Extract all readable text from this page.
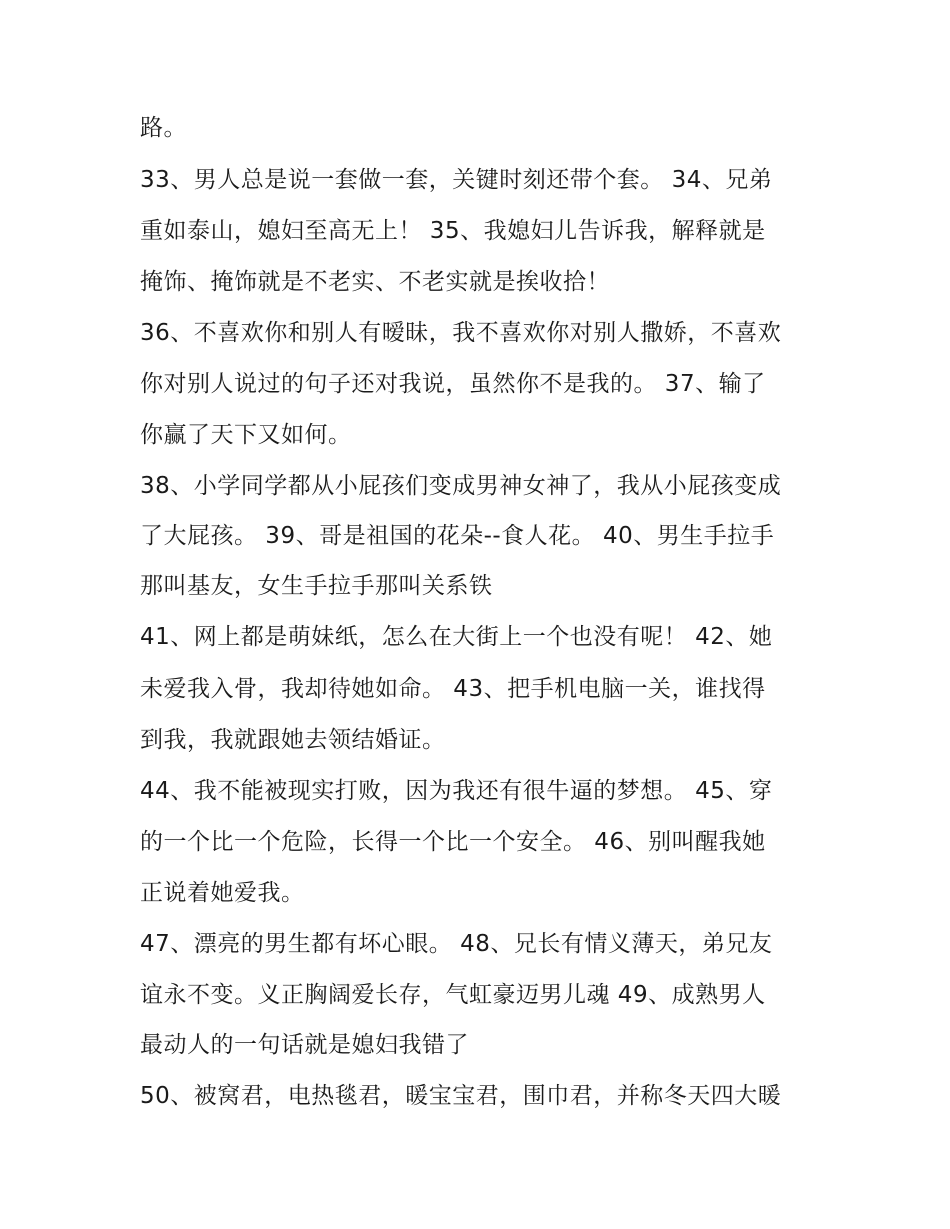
路。
33、男人总是说一套做一套，关键时刻还带个套。 34、兄弟
重如泰山，媳妇至高无上！ 35、我媳妇儿告诉我，解释就是
掩饰、掩饰就是不老实、不老实就是挨收拾！
36、不喜欢你和别人有暧昧，我不喜欢你对别人撒娇，不喜欢
你对别人说过的句子还对我说，虽然你不是我的。 37、输了
你赢了天下又如何。
38、小学同学都从小屁孩们变成男神女神了，我从小屁孩变成
了大屁孩。 39、哥是祖国的花朵--食人花。 40、男生手拉手
那叫基友，女生手拉手那叫关系铁
41、网上都是萌妹纸，怎么在大街上一个也没有呢！ 42、她
未爱我入骨，我却待她如命。 43、把手机电脑一关，谁找得
到我，我就跟她去领结婚证。
44、我不能被现实打败，因为我还有很牛逼的梦想。 45、穿
的一个比一个危险，长得一个比一个安全。 46、别叫醒我她
正说着她爱我。
47、漂亮的男生都有坏心眼。 48、兄长有情义薄天，弟兄友
谊永不变。义正胸阔爱长存，气虹豪迈男儿魂 49、成熟男人
最动人的一句话就是媳妇我错了
50、被窝君，电热毯君，暖宝宝君，围巾君，并称冬天四大暖
